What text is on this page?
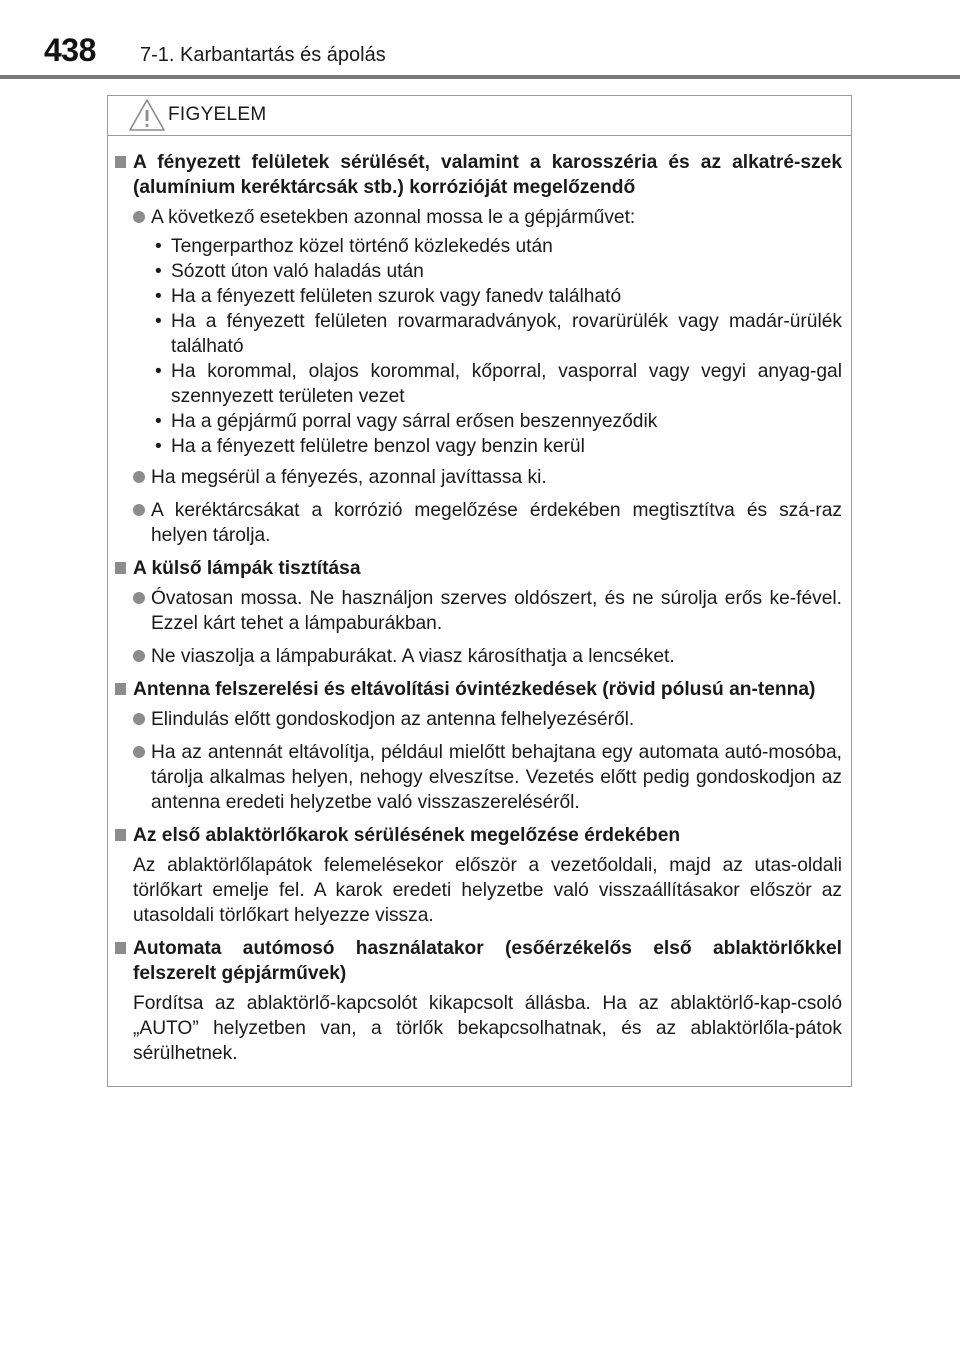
438 7-1. Karbantartás és ápolás
FIGYELEM
A fényezett felületek sérülését, valamint a karosszéria és az alkatré-szek (alumínium keréktárcsák stb.) korrózióját megelőzendő
A következő esetekben azonnal mossa le a gépjárművet:
• Tengerparthoz közel történő közlekedés után
• Sózott úton való haladás után
• Ha a fényezett felületen szurok vagy fanedv található
• Ha a fényezett felületen rovarmaradványok, rovarürülék vagy madár-ürülék található
• Ha korommal, olajos korommal, kőporral, vasporral vagy vegyi anyag-gal szennyezett területen vezet
• Ha a gépjármű porral vagy sárral erősen beszennyeződik
• Ha a fényezett felületre benzol vagy benzin kerül
Ha megsérül a fényezés, azonnal javíttassa ki.
A keréktárcsákat a korrózió megelőzése érdekében megtisztítva és szá-raz helyen tárolja.
A külső lámpák tisztítása
Óvatosan mossa. Ne használjon szerves oldószert, és ne súrolja erős ke-fével. Ezzel kárt tehet a lámpaburákban.
Ne viaszolja a lámpaburákat. A viasz károsíthatja a lencséket.
Antenna felszerelési és eltávolítási óvintézkedések (rövid pólusú an-tenna)
Elindulás előtt gondoskodjon az antenna felhelyezéséről.
Ha az antennát eltávolítja, például mielőtt behajtana egy automata autó-mosóba, tárolja alkalmas helyen, nehogy elveszítse. Vezetés előtt pedig gondoskodjon az antenna eredeti helyzetbe való visszaszereléséről.
Az első ablaktörlőkarok sérülésének megelőzése érdekében
Az ablaktörlőlapátok felemelésekor először a vezetőoldali, majd az utas-oldali törlőkart emelje fel. A karok eredeti helyzetbe való visszaállításakor először az utasoldali törlőkart helyezze vissza.
Automata autómosó használatakor (esőérzékelős első ablaktörlőkkel felszerelt gépjárművek)
Fordítsa az ablaktörlő-kapcsolót kikapcsolt állásba. Ha az ablaktörlő-kap-csoló „AUTO” helyzetben van, a törlők bekapcsolhatnak, és az ablaktörlőla-pátok sérülhetnek.
